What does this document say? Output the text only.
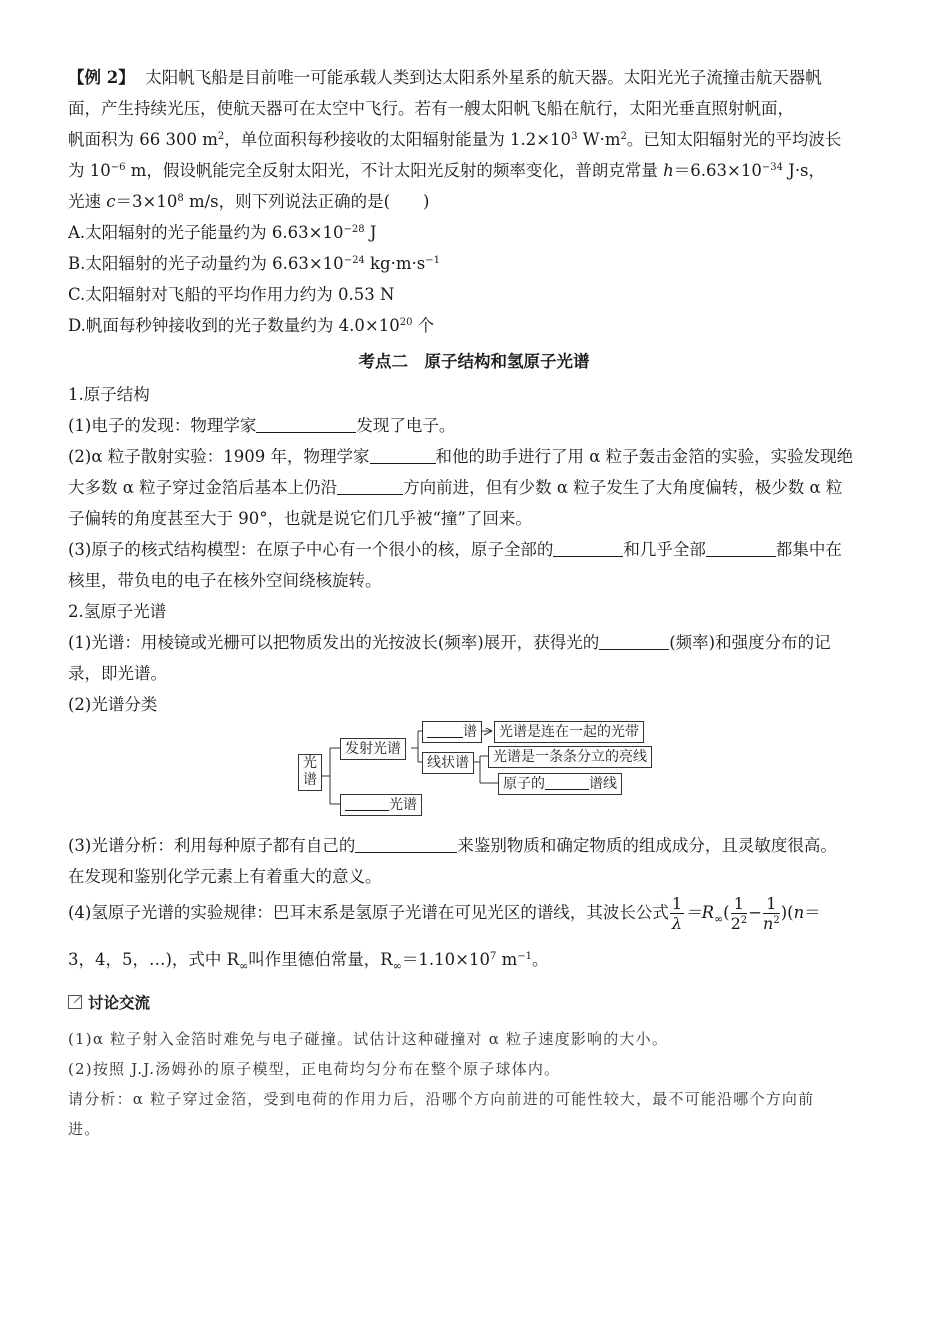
【例 2】 太阳帆飞船是目前唯一可能承载人类到达太阳系外星系的航天器。太阳光光子流撞击航天器帆

面，产生持续光压，使航天器可在太空中飞行。若有一艘太阳帆飞船在航行，太阳光垂直照射帆面，

帆面积为 66 300 $m^2$，单位面积每秒接收的太阳辐射能量为 $1.2\times 10^3$ $W\cdot m^2$。已知太阳辐射光的平均波长

为 $10^{-6}$ m，假设帆能完全反射太阳光，不计太阳光反射的频率变化，普朗克常量 $h=6.63\times 10^{-34}$ J·s，

光速 $c=3\times 10^8$ m/s，则下列说法正确的是(　　)

A.太阳辐射的光子能量约为 $6.63\times 10^{-28}$ J

B.太阳辐射的光子动量约为 $6.63\times 10^{-24}$ $kg\cdot m\cdot s^{-1}$

C.太阳辐射对飞船的平均作用力约为 0.53 N

D.帆面每秒钟接收到的光子数量约为 $4.0\times 10^{20}$ 个

考点二　原子结构和氢原子光谱

1.原子结构

(1)电子的发现：物理学家	发现了电子。

(2)α 粒子散射实验：1909 年，物理学家	和他的助手进行了用 α 粒子轰击金箔的实验，实验发现绝

大多数 α 粒子穿过金箔后基本上仍沿	方向前进，但有少数 α 粒子发生了大角度偏转，极少数 α 粒

子偏转的角度甚至大于 90°，也就是说它们几乎被“撞”了回来。

(3)原子的核式结构模型：在原子中心有一个很小的核，原子全部的	和几乎全部	都集中在

核里，带负电的电子在核外空间绕核旋转。

2.氢原子光谱

(1)光谱：用棱镜或光栅可以把物质发出的光按波长(频率)展开，获得光的	(频率)和强度分布的记

录，即光谱。

(2)光谱分类

光谱
发射光谱
谱	光谱是连在一起的光带
线状谱	光谱是一条条分立的亮线
原子的	谱线
光谱

(3)光谱分析：利用每种原子都有自己的	来鉴别物质和确定物质的组成成分，且灵敏度很高。

在发现和鉴别化学元素上有着重大的意义。

(4)氢原子光谱的实验规律：巴耳末系是氢原子光谱在可见光区的谱线，其波长公式 $\frac{1}{\lambda} =R_\infty( \frac{1}{2^2} - \frac{1}{n^2} )(n=$

3，4，5，…)，式中 $R_\infty$叫作里德伯常量，$R_\infty=1.10\times 10^7$ $m^{-1}$。

讨论交流

(1)α 粒子射入金箔时难免与电子碰撞。试估计这种碰撞对 α 粒子速度影响的大小。

(2)按照 J.J.汤姆孙的原子模型，正电荷均匀分布在整个原子球体内。

请分析：α 粒子穿过金箔，受到电荷的作用力后，沿哪个方向前进的可能性较大，最不可能沿哪个方向前

进。
